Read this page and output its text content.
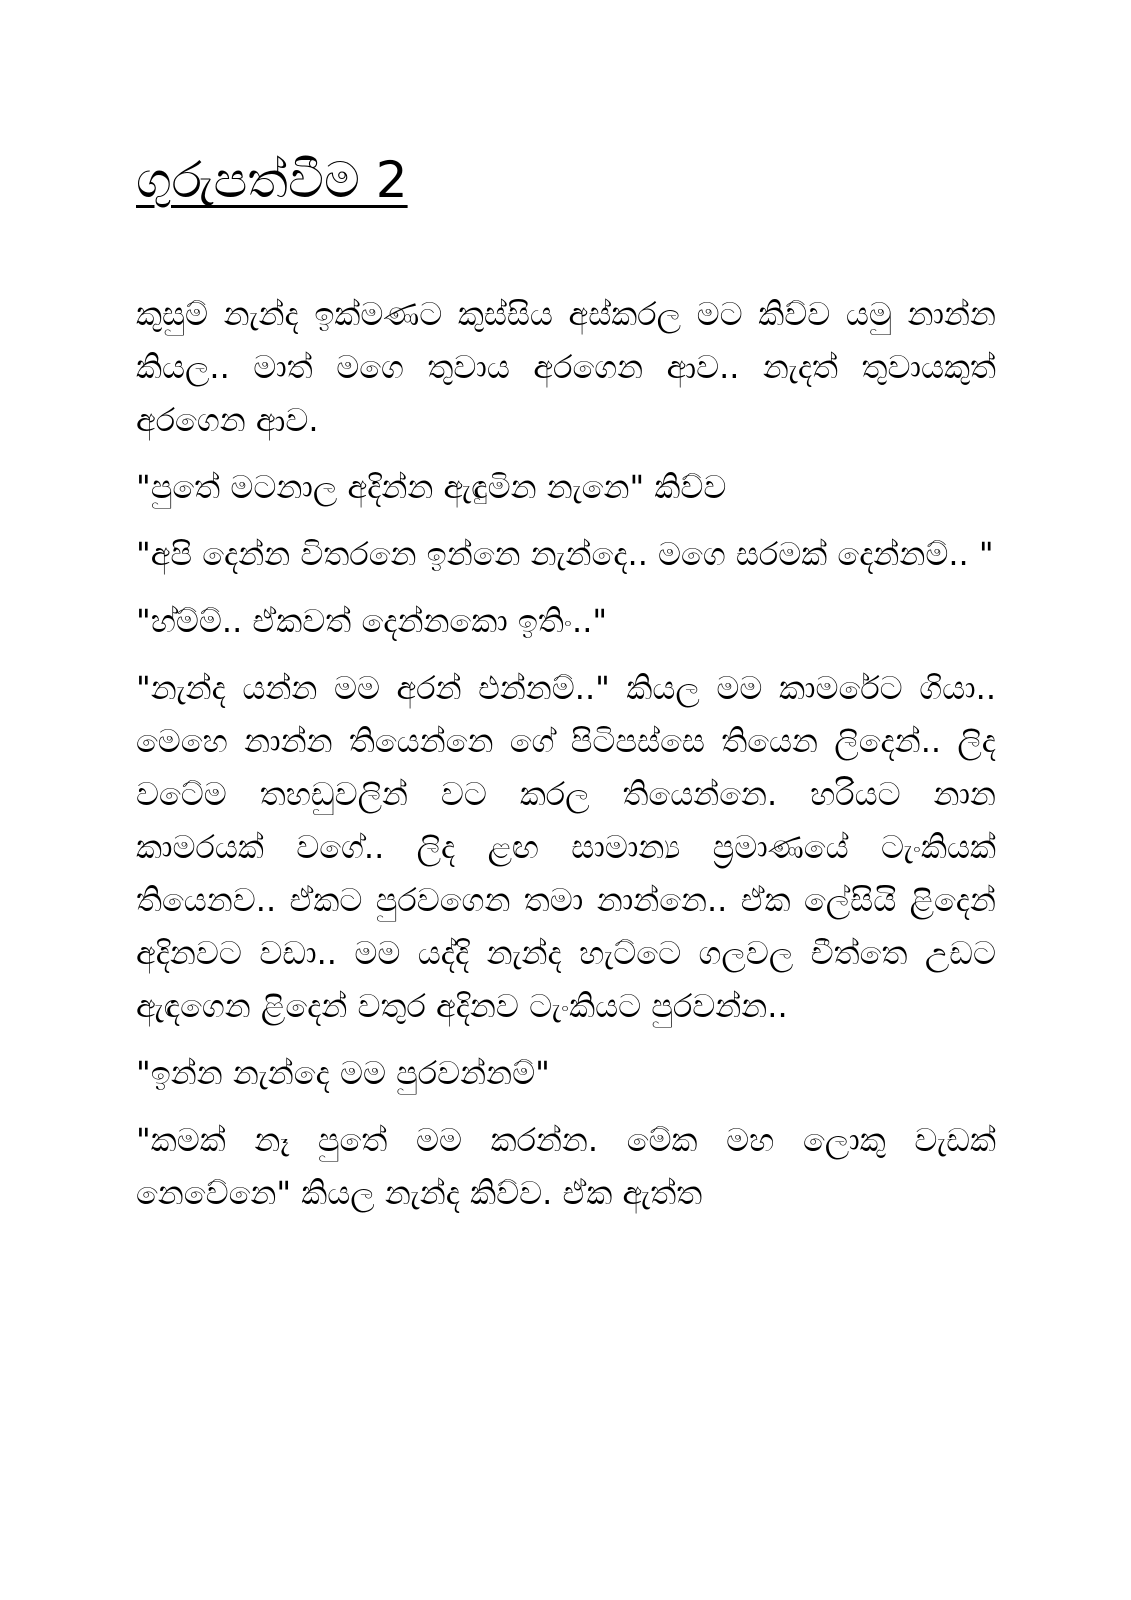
ගුරුපත්වීම 2

කුසුම් නැන්ද ඉක්මණට කුස්සිය අස්කරල මට කිව්ව යමු නාන්න කියල.. මාත් මගෙ තුවාය අරගෙන ආව.. නැදත් තුවායකුත් අරගෙන ආව.

"පුතේ මටනාල අදින්න ඇඳුමින නැනෙ" කිව්ව

"අපි දෙන්න විතරනෙ ඉන්නෙ නැන්දෙ.. මගෙ සරමක් දෙන්නම්.. "

"හ්ම්ම්.. ඒකවත් දෙන්නකො ඉතිං.."

"නැන්ද යන්න මම අරන් එන්නම්.." කියල මම කාමරේට ගියා.. මෙහෙ නාන්න තියෙන්නෙ ගේ පිටිපස්සෙ තියෙන ලිදෙන්.. ලිද වටේම තහඩුවලින් වට කරල තියෙන්නෙ. හරියට නාන කාමරයක් වගේ.. ලිද ළඟ සාමාන්‍ය ප්‍රමාණයේ ටැංකියක් තියෙනව.. ඒකට පුරවගෙන තමා නාන්නෙ.. ඒක ලේසියි ළිදෙන් අදිනවට වඩා.. මම යද්දි නැන්ද හැට්ටෙ ගලවල චීත්තෙ උඩට ඇඳගෙන ළිදෙන් වතුර අදිනව ටැංකියට පුරවන්න..

"ඉන්න නැන්දෙ මම පුරවන්නම්"

"කමක් නෑ පුතේ මම කරන්න. මේක මහ ලොකු වැඩක් නෙවේනෙ" කියල නැන්ද කිව්ව. ඒක ඇත්ත
